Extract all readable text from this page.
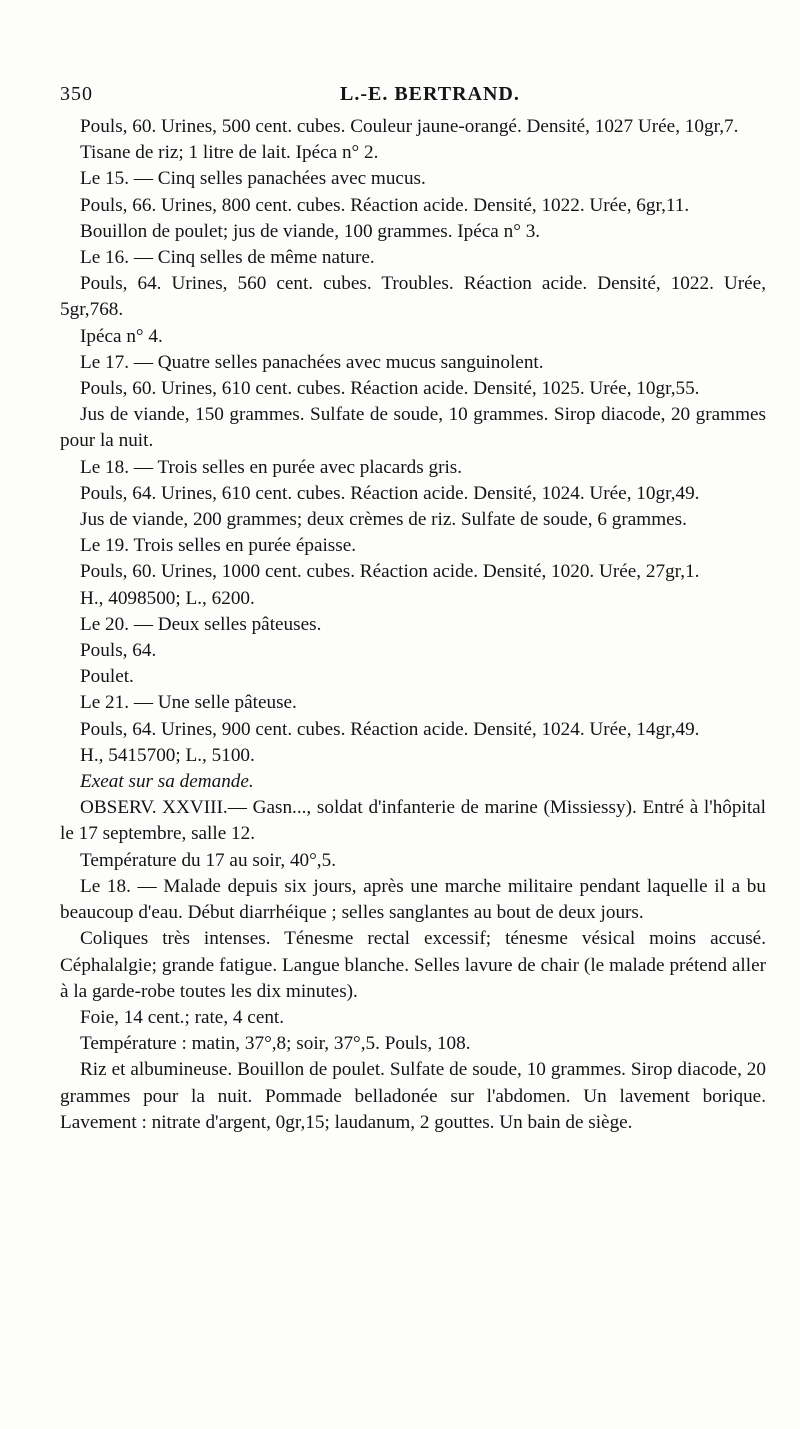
350	L.-E. BERTRAND.

Pouls, 60. Urines, 500 cent. cubes. Couleur jaune-orangé. Densité, 1027 Urée, 10gr,7.

Tisane de riz; 1 litre de lait. Ipéca n° 2.

Le 15. — Cinq selles panachées avec mucus.

Pouls, 66. Urines, 800 cent. cubes. Réaction acide. Densité, 1022. Urée, 6gr,11.

Bouillon de poulet; jus de viande, 100 grammes. Ipéca n° 3.

Le 16. — Cinq selles de même nature.

Pouls, 64. Urines, 560 cent. cubes. Troubles. Réaction acide. Densité, 1022. Urée, 5gr,768.

Ipéca n° 4.

Le 17. — Quatre selles panachées avec mucus sanguinolent.

Pouls, 60. Urines, 610 cent. cubes. Réaction acide. Densité, 1025. Urée, 10gr,55.

Jus de viande, 150 grammes. Sulfate de soude, 10 grammes. Sirop diacode, 20 grammes pour la nuit.

Le 18. — Trois selles en purée avec placards gris.

Pouls, 64. Urines, 610 cent. cubes. Réaction acide. Densité, 1024. Urée, 10gr,49.

Jus de viande, 200 grammes; deux crèmes de riz. Sulfate de soude, 6 grammes.

Le 19. Trois selles en purée épaisse.

Pouls, 60. Urines, 1000 cent. cubes. Réaction acide. Densité, 1020. Urée, 27gr,1.

H., 4098500; L., 6200.

Le 20. — Deux selles pâteuses.

Pouls, 64.

Poulet.

Le 21. — Une selle pâteuse.

Pouls, 64. Urines, 900 cent. cubes. Réaction acide. Densité, 1024. Urée, 14gr,49.

H., 5415700; L., 5100.

Exeat sur sa demande.

OBSERV. XXVIII.— Gasn..., soldat d'infanterie de marine (Missiessy). Entré à l'hôpital le 17 septembre, salle 12.

Température du 17 au soir, 40°,5.

Le 18. — Malade depuis six jours, après une marche militaire pendant laquelle il a bu beaucoup d'eau. Début diarrhéique ; selles sanglantes au bout de deux jours.

Coliques très intenses. Ténesme rectal excessif; ténesme vésical moins accusé. Céphalalgie; grande fatigue. Langue blanche. Selles lavure de chair (le malade prétend aller à la garde-robe toutes les dix minutes).

Foie, 14 cent.; rate, 4 cent.

Température : matin, 37°,8; soir, 37°,5. Pouls, 108.

Riz et albumineuse. Bouillon de poulet. Sulfate de soude, 10 grammes. Sirop diacode, 20 grammes pour la nuit. Pommade belladonée sur l'abdomen. Un lavement borique. Lavement : nitrate d'argent, 0gr,15; laudanum, 2 gouttes. Un bain de siège.
